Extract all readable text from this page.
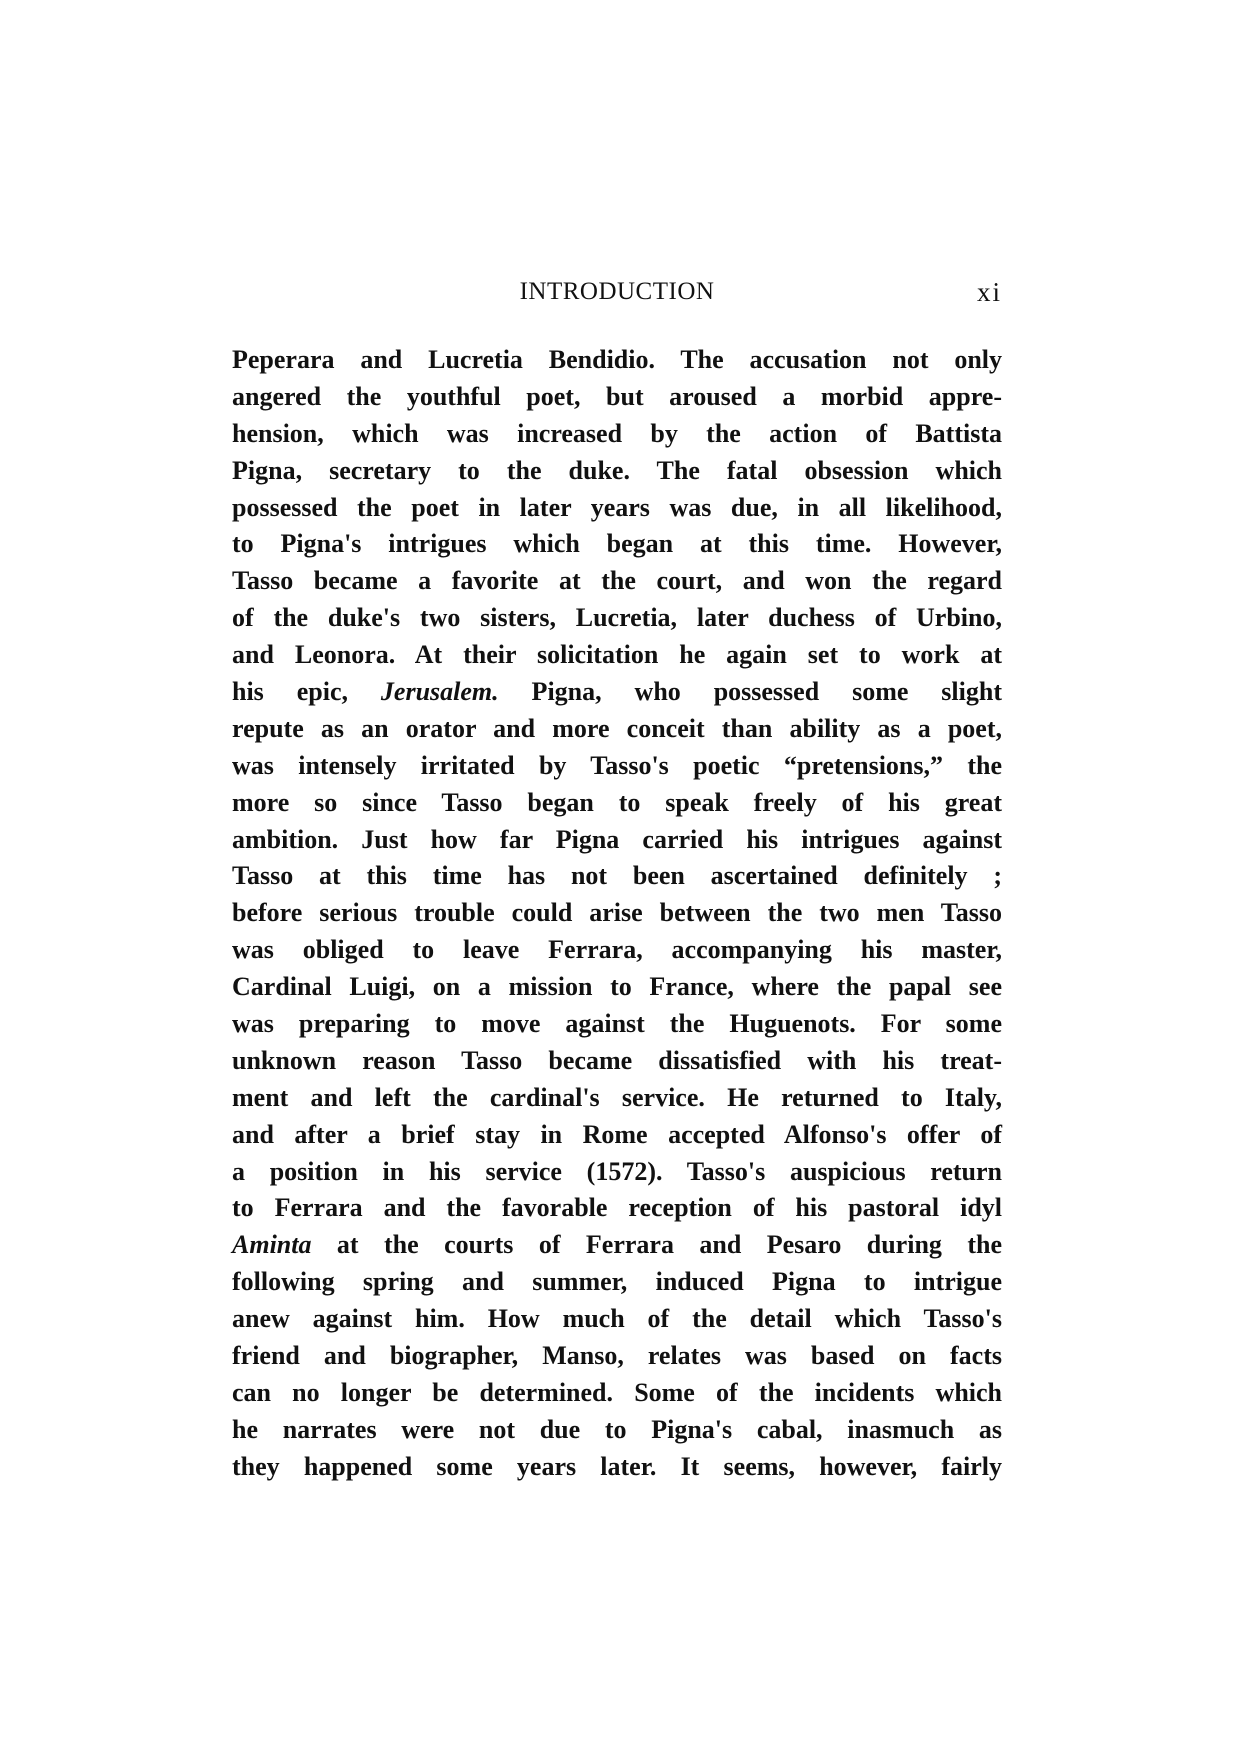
INTRODUCTION	xi
Peperara and Lucretia Bendidio. The accusation not only
angered the youthful poet, but aroused a morbid appre-
hension, which was increased by the action of Battista
Pigna, secretary to the duke. The fatal obsession which
possessed the poet in later years was due, in all likelihood,
to Pigna's intrigues which began at this time. However,
Tasso became a favorite at the court, and won the regard
of the duke's two sisters, Lucretia, later duchess of Urbino,
and Leonora. At their solicitation he again set to work at
his epic, Jerusalem. Pigna, who possessed some slight
repute as an orator and more conceit than ability as a poet,
was intensely irritated by Tasso's poetic “pretensions,” the
more so since Tasso began to speak freely of his great
ambition. Just how far Pigna carried his intrigues against
Tasso at this time has not been ascertained definitely ;
before serious trouble could arise between the two men Tasso
was obliged to leave Ferrara, accompanying his master,
Cardinal Luigi, on a mission to France, where the papal see
was preparing to move against the Huguenots. For some
unknown reason Tasso became dissatisfied with his treat-
ment and left the cardinal's service. He returned to Italy,
and after a brief stay in Rome accepted Alfonso's offer of
a position in his service (1572). Tasso's auspicious return
to Ferrara and the favorable reception of his pastoral idyl
Aminta at the courts of Ferrara and Pesaro during the
following spring and summer, induced Pigna to intrigue
anew against him. How much of the detail which Tasso's
friend and biographer, Manso, relates was based on facts
can no longer be determined. Some of the incidents which
he narrates were not due to Pigna's cabal, inasmuch as
they happened some years later. It seems, however, fairly
